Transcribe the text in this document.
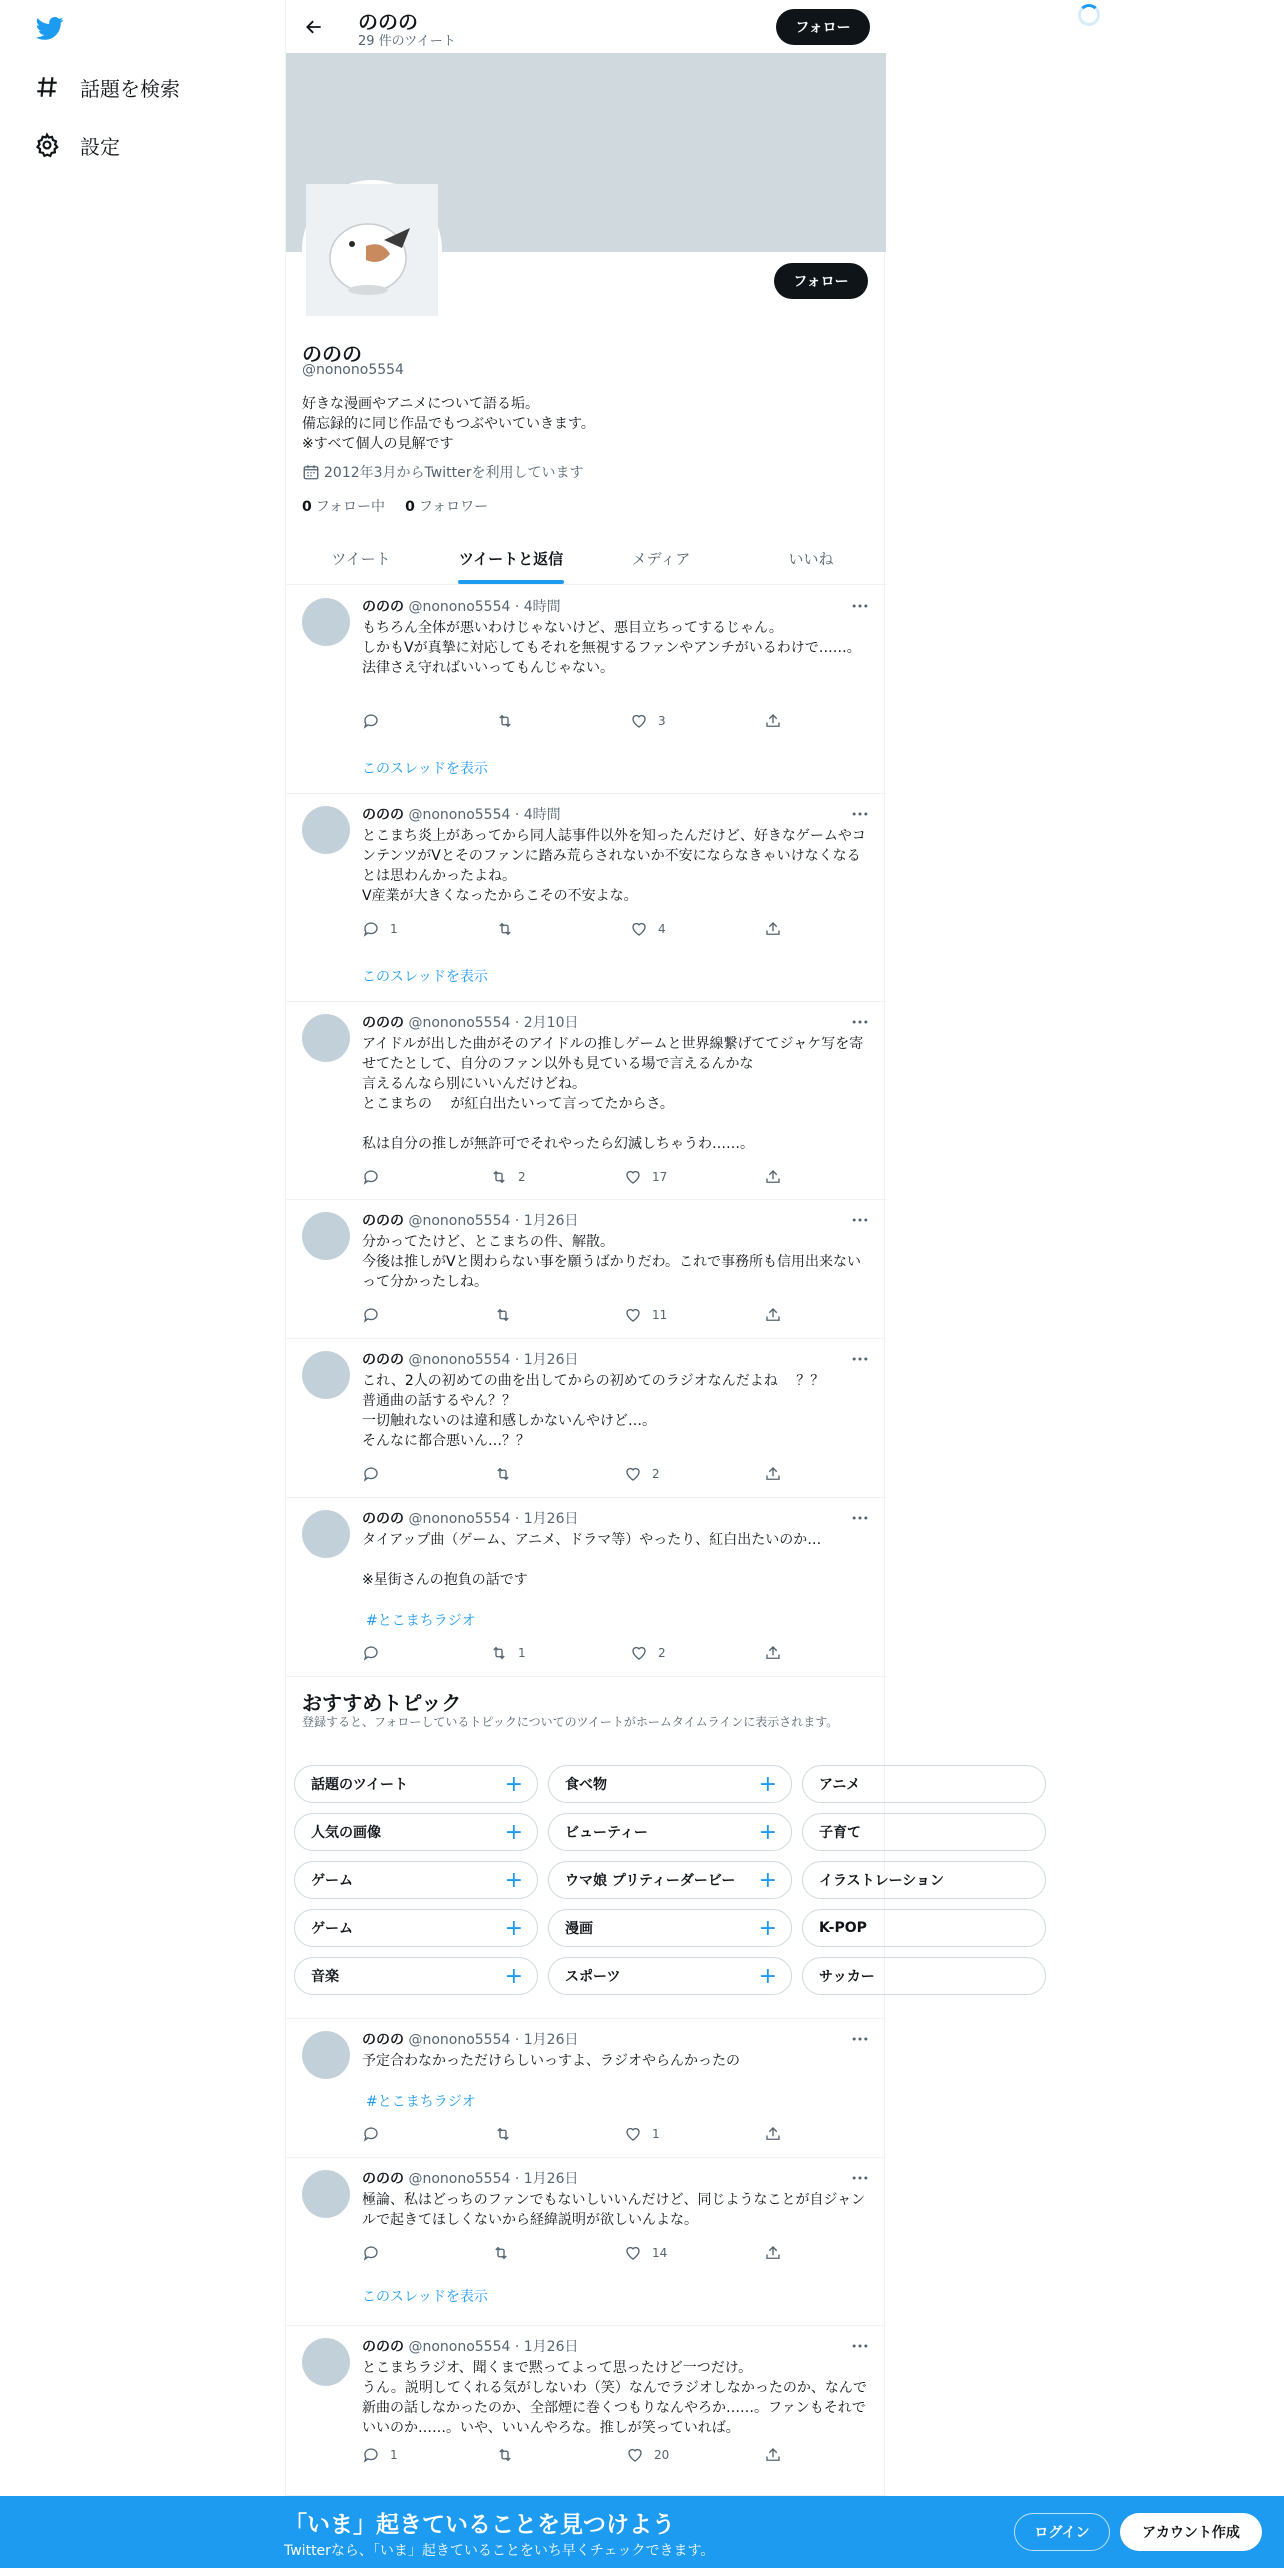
話題を検索
設定
ののの
29 件のツイート
フォロー
フォロー
ののの
@nonono5554
好きな漫画やアニメについて語る垢。
備忘録的に同じ作品でもつぶやいていきます。
※すべて個人の見解です
2012年3月からTwitterを利用しています
0 フォロー中 0 フォロワー
ツイート	ツイートと返信	メディア	いいね
ののの @nonono5554 · 4時間
もちろん全体が悪いわけじゃないけど、悪目立ちってするじゃん。
しかもVが真摯に対応してもそれを無視するファンやアンチがいるわけで……。
法律さえ守ればいいってもんじゃない。
3
このスレッドを表示
ののの @nonono5554 · 4時間
とこまち炎上があってから同人誌事件以外を知ったんだけど、好きなゲームやコンテンツがVとそのファンに踏み荒らされないか不安にならなきゃいけなくなるとは思わんかったよね。
V産業が大きくなったからこその不安よな。
1	4
このスレッドを表示
ののの @nonono5554 · 2月10日
アイドルが出した曲がそのアイドルの推しゲームと世界線繋げててジャケ写を寄せてたとして、自分のファン以外も見ている場で言えるんかな
言えるんなら別にいいんだけどね。
とこまちの　 が紅白出たいって言ってたからさ。

私は自分の推しが無許可でそれやったら幻滅しちゃうわ……。
2	17
ののの @nonono5554 · 1月26日
分かってたけど、とこまちの件、解散。
今後は推しがVと関わらない事を願うばかりだわ。これで事務所も信用出来ないって分かったしね。
11
ののの @nonono5554 · 1月26日
これ、2人の初めての曲を出してからの初めてのラジオなんだよね　 ？？
普通曲の話するやん？？
一切触れないのは違和感しかないんやけど…。
そんなに都合悪いん…？？
2
ののの @nonono5554 · 1月26日
タイアップ曲（ゲーム、アニメ、ドラマ等）やったり、紅白出たいのか…

※星街さんの抱負の話です
#とこまちラジオ
1	2
おすすめトピック
登録すると、フォローしているトピックについてのツイートがホームタイムラインに表示されます。
話題のツイート	+	食べ物	+	アニメ
人気の画像	+	ビューティー	+	子育て
ゲーム	+	ウマ娘 プリティーダービー +	イラストレーション
ゲーム	+	漫画	+	K-POP
音楽	+	スポーツ	+	サッカー
ののの @nonono5554 · 1月26日
予定合わなかっただけらしいっすよ、ラジオやらんかったの
#とこまちラジオ
1
ののの @nonono5554 · 1月26日
極論、私はどっちのファンでもないしいいんだけど、同じようなことが自ジャンルで起きてほしくないから経緯説明が欲しいんよな。
14
このスレッドを表示
ののの @nonono5554 · 1月26日
とこまちラジオ、聞くまで黙ってよって思ったけど一つだけ。
うん。説明してくれる気がしないわ（笑）なんでラジオしなかったのか、なんで新曲の話しなかったのか、全部煙に巻くつもりなんやろか……。ファンもそれでいいのか……。いや、いいんやろな。推しが笑っていれば。
1	20
「いま」起きていることを見つけよう
Twitterなら、「いま」起きていることをいち早くチェックできます。
ログイン	アカウント作成
